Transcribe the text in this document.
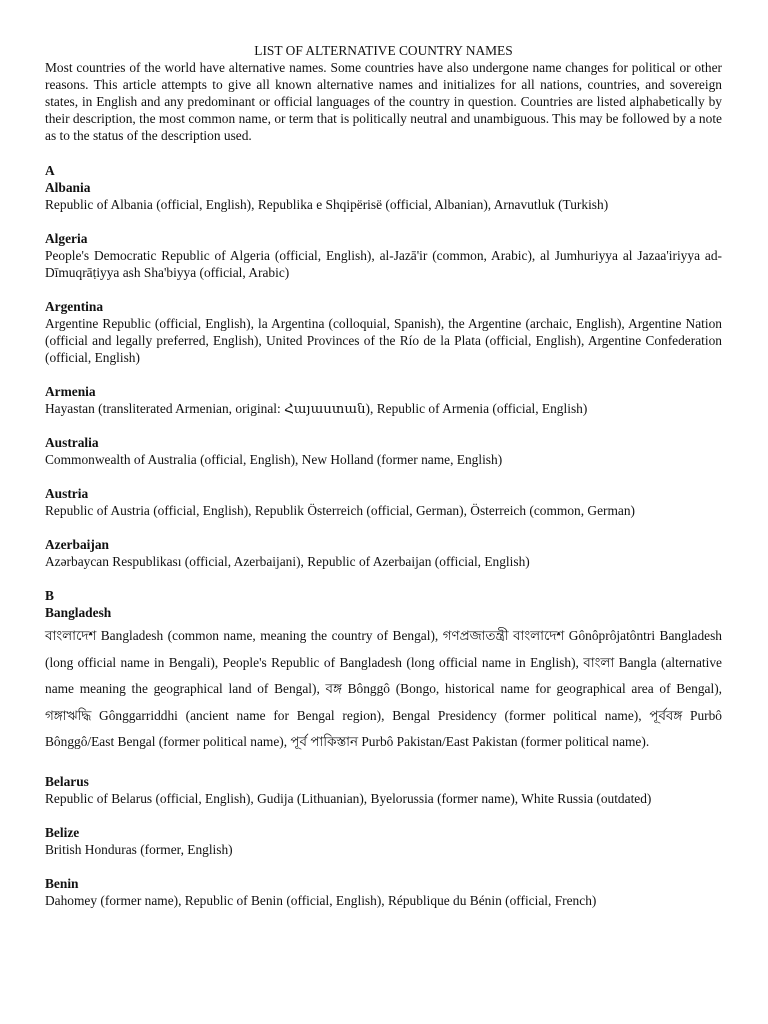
LIST OF ALTERNATIVE COUNTRY NAMES

Most countries of the world have alternative names. Some countries have also undergone name changes for political or other reasons. This article attempts to give all known alternative names and initializes for all nations, countries, and sovereign states, in English and any predominant or official languages of the country in question. Countries are listed alphabetically by their description, the most common name, or term that is politically neutral and unambiguous. This may be followed by a note as to the status of the description used.

A

Albania

Republic of Albania (official, English), Republika e Shqipërisë (official, Albanian), Arnavutluk (Turkish)

Algeria

People's Democratic Republic of Algeria (official, English), al-Jazā'ir (common, Arabic), al Jumhuriyya al Jazaa'iriyya ad-Dīmuqrāṭiyya ash Sha'biyya (official, Arabic)

Argentina

Argentine Republic (official, English), la Argentina (colloquial, Spanish), the Argentine (archaic, English), Argentine Nation (official and legally preferred, English), United Provinces of the Río de la Plata (official, English), Argentine Confederation (official, English)

Armenia

Hayastan (transliterated Armenian, original: Հայաստան), Republic of Armenia (official, English)

Australia

Commonwealth of Australia (official, English), New Holland (former name, English)

Austria

Republic of Austria (official, English), Republik Österreich (official, German), Österreich (common, German)

Azerbaijan

Azərbaycan Respublikası (official, Azerbaijani), Republic of Azerbaijan (official, English)

B

Bangladesh

বাংলাদেশ Bangladesh (common name, meaning the country of Bengal), গণপ্রজাতন্ত্রী বাংলাদেশ Gônôprôjatôntri Bangladesh (long official name in Bengali), People's Republic of Bangladesh (long official name in English), বাংলা Bangla (alternative name meaning the geographical land of Bengal), বঙ্গ Bônggô (Bongo, historical name for geographical area of Bengal), গঙ্গাঋদ্ধি Gônggarriddhi (ancient name for Bengal region), Bengal Presidency (former political name), পূর্ববঙ্গ Purbô Bônggô/East Bengal (former political name), পূর্ব পাকিস্তান Purbô Pakistan/East Pakistan (former political name).

Belarus

Republic of Belarus (official, English), Gudija (Lithuanian), Byelorussia (former name), White Russia (outdated)

Belize

British Honduras (former, English)

Benin

Dahomey (former name), Republic of Benin (official, English), République du Bénin (official, French)
